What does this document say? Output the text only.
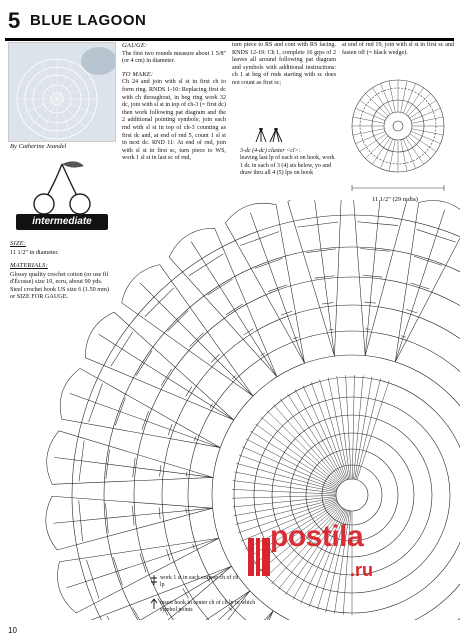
5 BLUE LAGOON
By Catherine Jeandel
intermediate
SIZE:
11 1/2" in diameter.
MATERIALS:
Glossy quality crochet cotton (or use fil d'Écosse) size 10, ecru, about 90 yds. Steel crochet hook US size 6 (1.50 mm) or SIZE FOR GAUGE.
GAUGE:
The first two rounds measure about 1 5/8" (or 4 cm) in diameter.
TO MAKE:
Ch 24 and join with sl st in first ch to form ring. RNDS 1-10: Replacing first dc with ch throughout, in beg ring work 32 dc, join with sl st in top of ch-3 (= first dc) then work following pat diagram and the 2 additional pointing symbols; join each rnd with sl st in top of ch-3 counting as first dc and, at end of rnd 5, count 1 sl st in next dc. RND 11: At end of rnd, join with sl st in first sc, turn piece to WS, work 1 sl st in last sc of rnd,
turn piece to RS and cont with RS facing. RNDS 12-19: Ch 1, complete 16 grps of 2 leaves all around following pat diagram and symbols with additional instructions: ch 1 at beg of rnds starting with sc does not count as first sc;
3-dc (4-dc) cluster <cl>:
leaving last lp of each st on hook, work 1 dc in each of 3 (4) sts below, yo and draw thru all 4 (5) lps on hook
at end of rnd 19, join with sl st in first sc and fasten off (= black wedge).
11 1/2" (29 mdia)
work 1 st in each corresp ch of ch lp
insert hook in center ch of ch lp to which symbol points
10
postila
.ru
